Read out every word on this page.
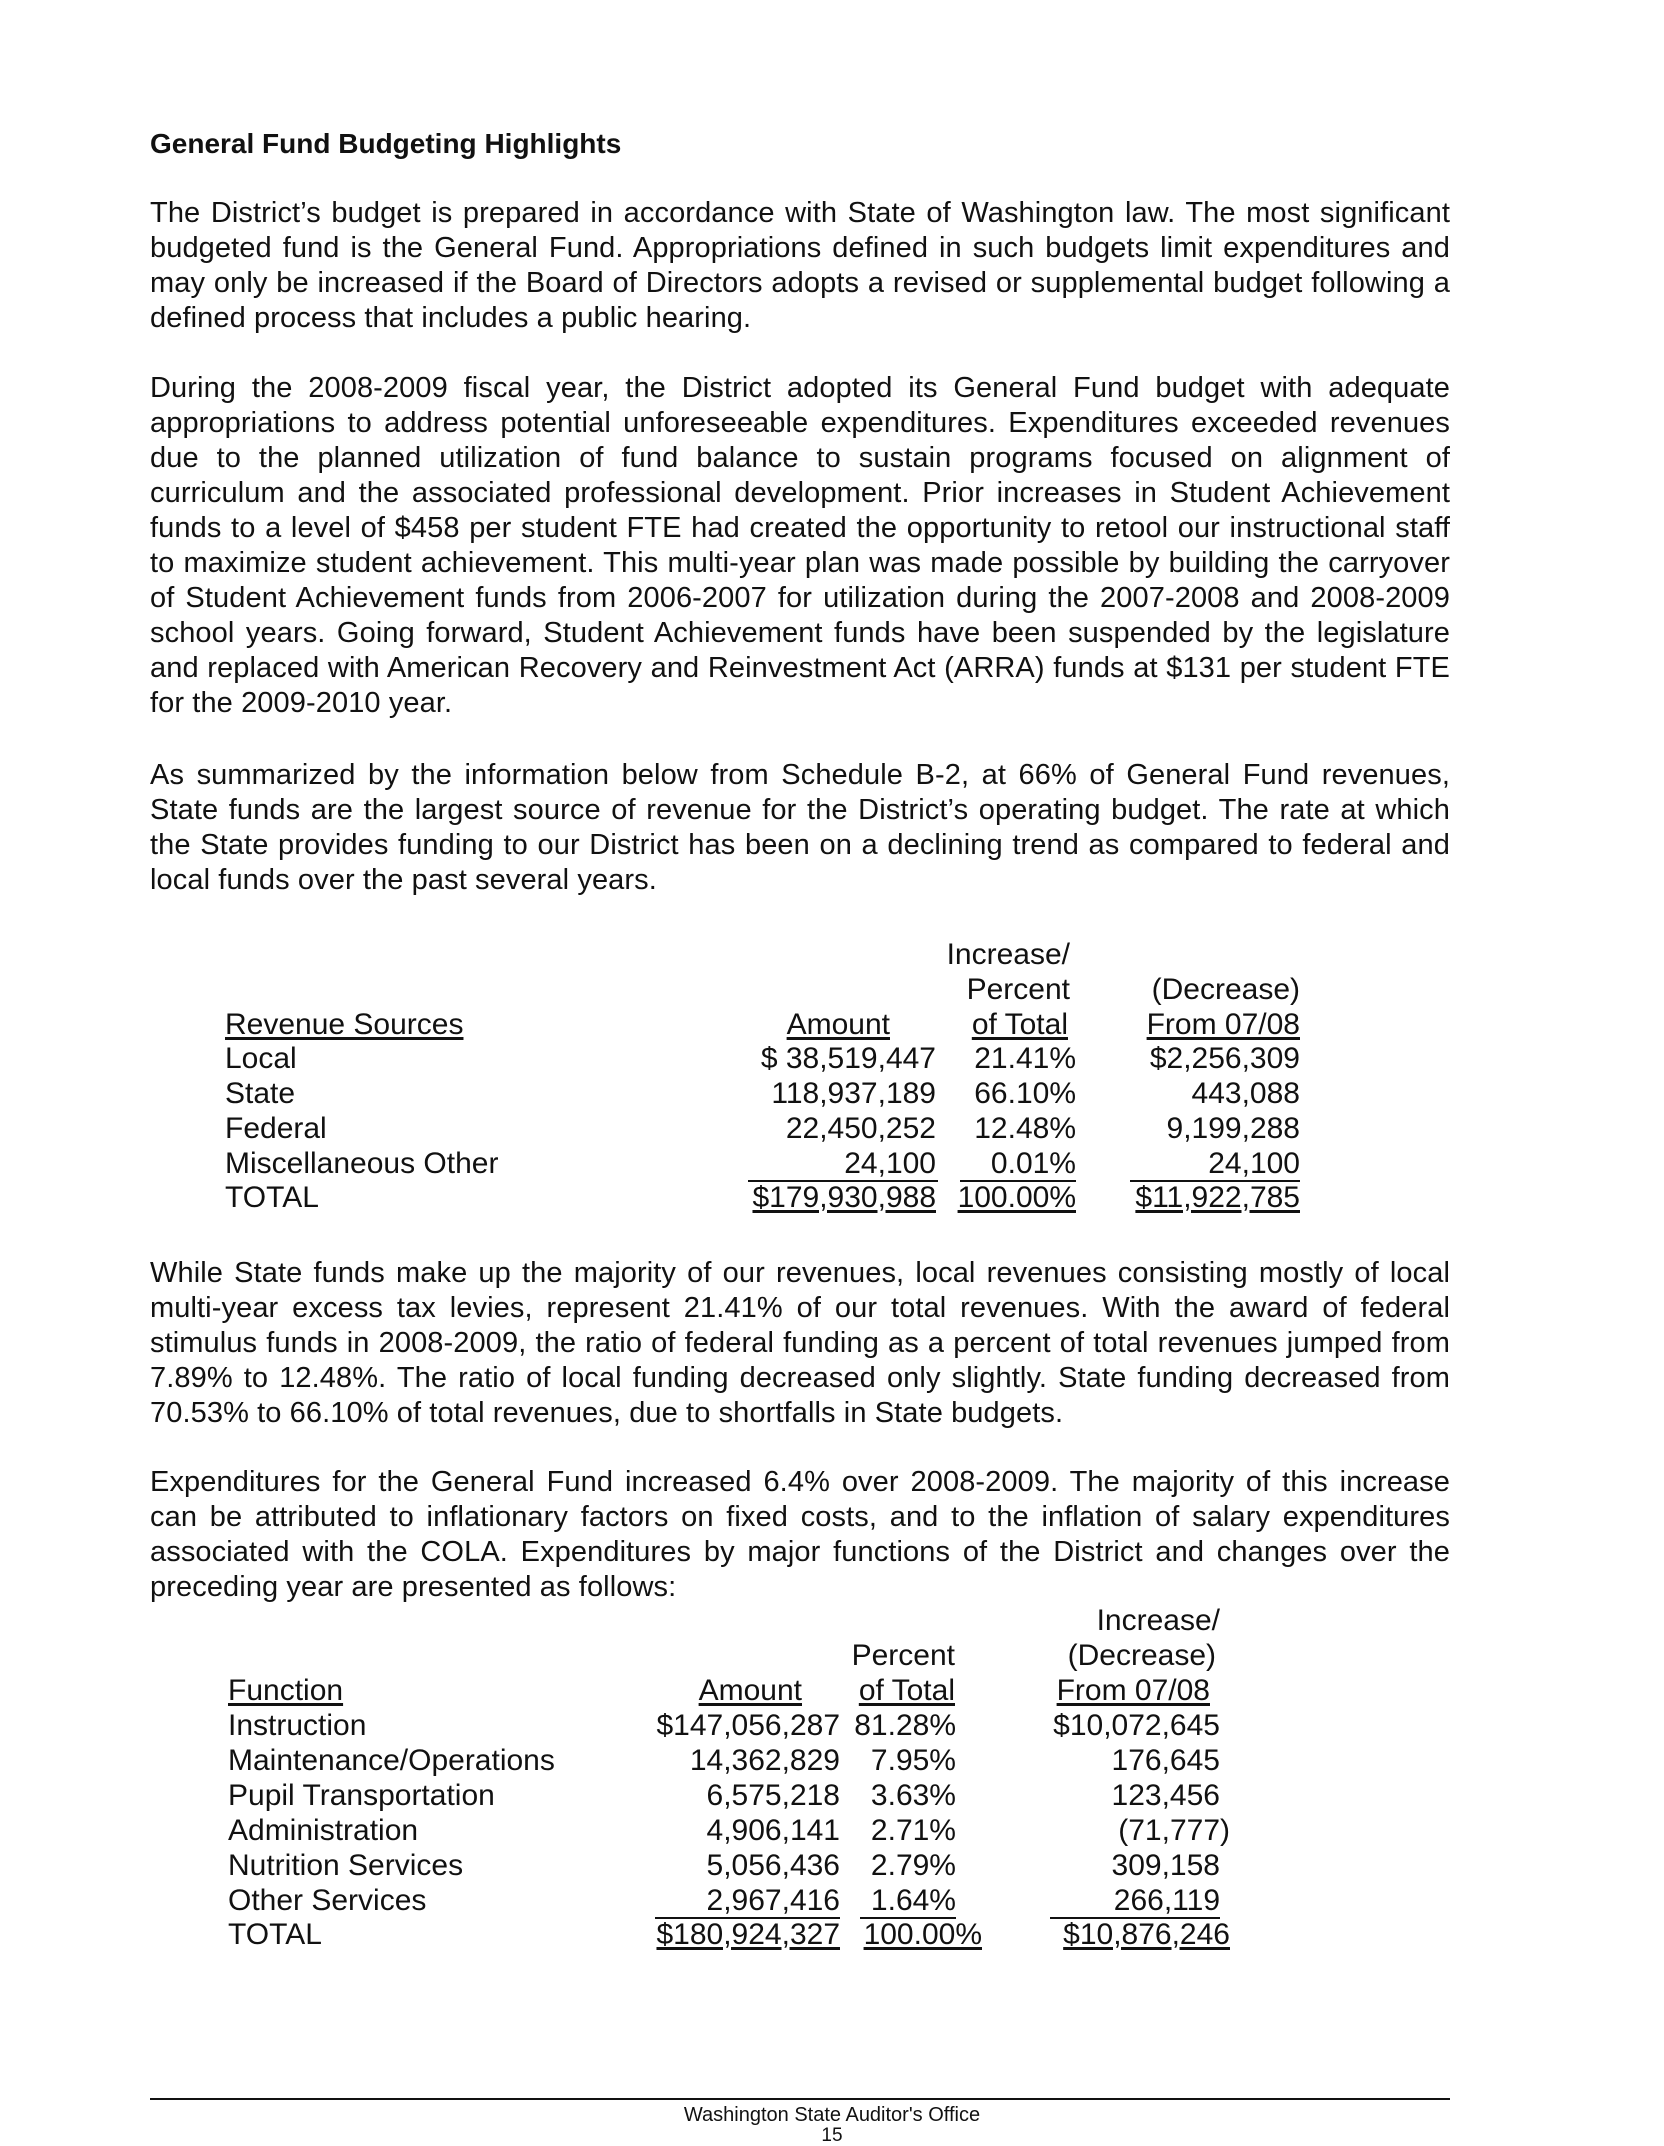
General Fund Budgeting Highlights

The District’s budget is prepared in accordance with State of Washington law. The most significant budgeted fund is the General Fund. Appropriations defined in such budgets limit expenditures and may only be increased if the Board of Directors adopts a revised or supplemental budget following a defined process that includes a public hearing.

During the 2008-2009 fiscal year, the District adopted its General Fund budget with adequate appropriations to address potential unforeseeable expenditures. Expenditures exceeded revenues due to the planned utilization of fund balance to sustain programs focused on alignment of curriculum and the associated professional development. Prior increases in Student Achievement funds to a level of $458 per student FTE had created the opportunity to retool our instructional staff to maximize student achievement. This multi-year plan was made possible by building the carryover of Student Achievement funds from 2006-2007 for utilization during the 2007-2008 and 2008-2009 school years. Going forward, Student Achievement funds have been suspended by the legislature and replaced with American Recovery and Reinvestment Act (ARRA) funds at $131 per student FTE for the 2009-2010 year.

As summarized by the information below from Schedule B-2, at 66% of General Fund revenues, State funds are the largest source of revenue for the District’s operating budget. The rate at which the State provides funding to our District has been on a declining trend as compared to federal and local funds over the past several years.

Increase/
Percent	(Decrease)
Revenue Sources	Amount	of Total	From 07/08
Local	$ 38,519,447	21.41%	$2,256,309
State	118,937,189	66.10%	443,088
Federal	22,450,252	12.48%	9,199,288
Miscellaneous Other	24,100	0.01%	24,100
TOTAL	$179,930,988 100.00%	$11,922,785

While State funds make up the majority of our revenues, local revenues consisting mostly of local multi-year excess tax levies, represent 21.41% of our total revenues. With the award of federal stimulus funds in 2008-2009, the ratio of federal funding as a percent of total revenues jumped from 7.89% to 12.48%. The ratio of local funding decreased only slightly. State funding decreased from 70.53% to 66.10% of total revenues, due to shortfalls in State budgets.

Expenditures for the General Fund increased 6.4% over 2008-2009. The majority of this increase can be attributed to inflationary factors on fixed costs, and to the inflation of salary expenditures associated with the COLA. Expenditures by major functions of the District and changes over the preceding year are presented as follows:

Increase/
Percent	(Decrease)
Function	Amount	of Total	From 07/08
Instruction	$147,056,287 81.28%	$10,072,645
Maintenance/Operations	14,362,829	7.95%	176,645
Pupil Transportation	6,575,218	3.63%	123,456
Administration	4,906,141	2.71%	(71,777)
Nutrition Services	5,056,436	2.79%	309,158
Other Services	2,967,416	1.64%	266,119
TOTAL	$180,924,327 100.00%	$10,876,246
Washington State Auditor's Office
15
